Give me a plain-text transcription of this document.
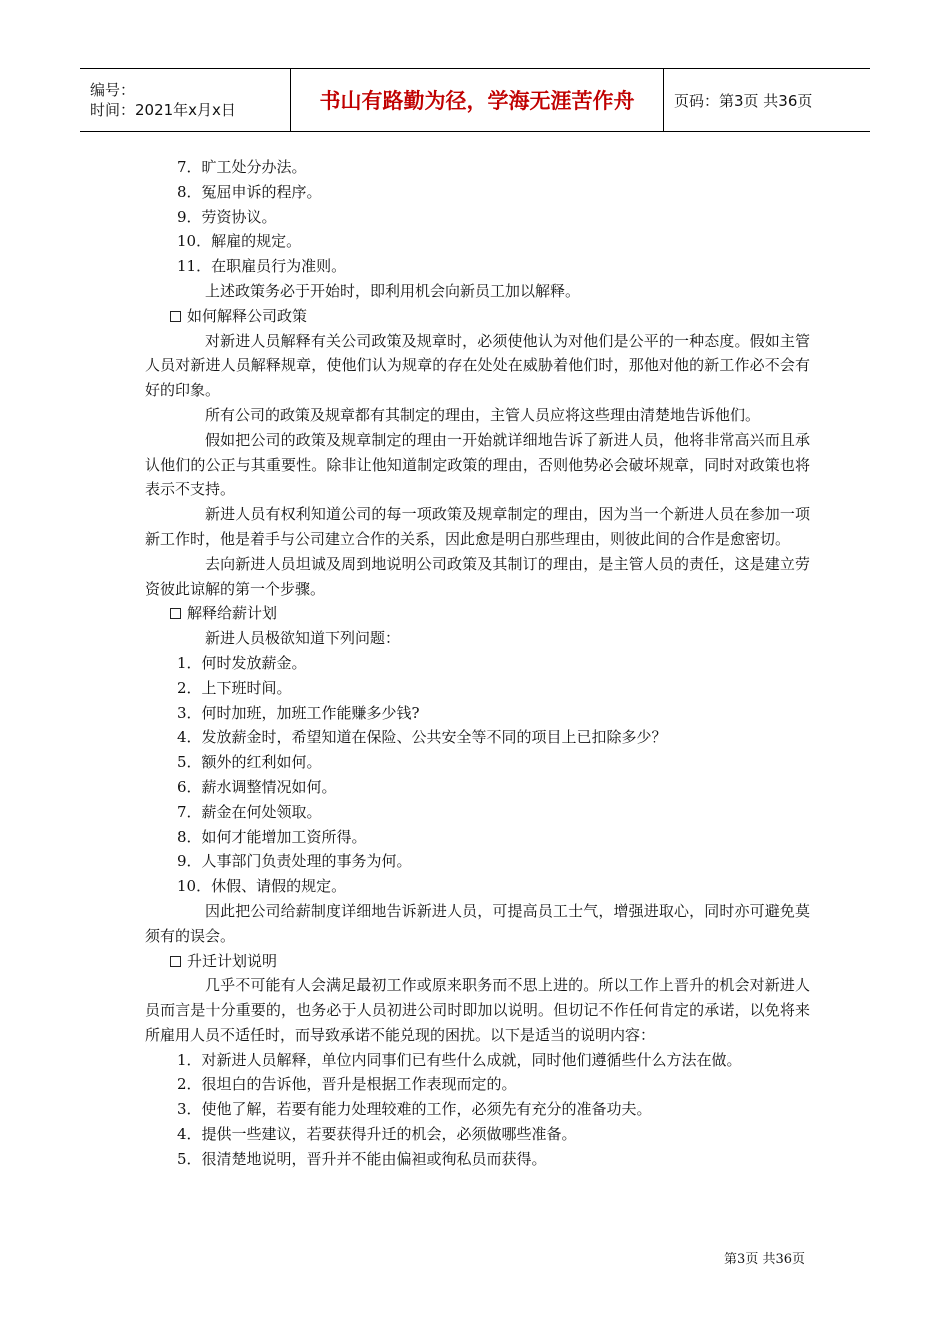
编号：
时间：2021年x月x日	书山有路勤为径，学海无涯苦作舟	页码：第3页 共36页

7．旷工处分办法。

8．冤屈申诉的程序。

9．劳资协议。

10．解雇的规定。

11．在职雇员行为准则。

上述政策务必于开始时，即利用机会向新员工加以解释。

如何解释公司政策

对新进人员解释有关公司政策及规章时，必须使他认为对他们是公平的一种态度。假如主管人员对新进人员解释规章，使他们认为规章的存在处处在威胁着他们时，那他对他的新工作必不会有好的印象。

所有公司的政策及规章都有其制定的理由，主管人员应将这些理由清楚地告诉他们。

假如把公司的政策及规章制定的理由一开始就详细地告诉了新进人员，他将非常高兴而且承认他们的公正与其重要性。除非让他知道制定政策的理由，否则他势必会破坏规章，同时对政策也将表示不支持。

新进人员有权利知道公司的每一项政策及规章制定的理由，因为当一个新进人员在参加一项新工作时，他是着手与公司建立合作的关系，因此愈是明白那些理由，则彼此间的合作是愈密切。

去向新进人员坦诚及周到地说明公司政策及其制订的理由，是主管人员的责任，这是建立劳资彼此谅解的第一个步骤。

解释给薪计划

新进人员极欲知道下列问题：

1．何时发放薪金。

2．上下班时间。

3．何时加班，加班工作能赚多少钱?

4．发放薪金时，希望知道在保险、公共安全等不同的项目上已扣除多少？

5．额外的红利如何。

6．薪水调整情况如何。

7．薪金在何处领取。

8．如何才能增加工资所得。

9．人事部门负责处理的事务为何。

10．休假、请假的规定。

因此把公司给薪制度详细地告诉新进人员，可提高员工士气，增强进取心，同时亦可避免莫须有的误会。

升迁计划说明

几乎不可能有人会满足最初工作或原来职务而不思上进的。所以工作上晋升的机会对新进人员而言是十分重要的，也务必于人员初进公司时即加以说明。但切记不作任何肯定的承诺，以免将来所雇用人员不适任时，而导致承诺不能兑现的困扰。以下是适当的说明内容：

1．对新进人员解释，单位内同事们已有些什么成就，同时他们遵循些什么方法在做。

2．很坦白的告诉他，晋升是根据工作表现而定的。

3．使他了解，若要有能力处理较难的工作，必须先有充分的准备功夫。

4．提供一些建议，若要获得升迁的机会，必须做哪些准备。

5．很清楚地说明，晋升并不能由偏袒或徇私员而获得。

第3页 共36页
